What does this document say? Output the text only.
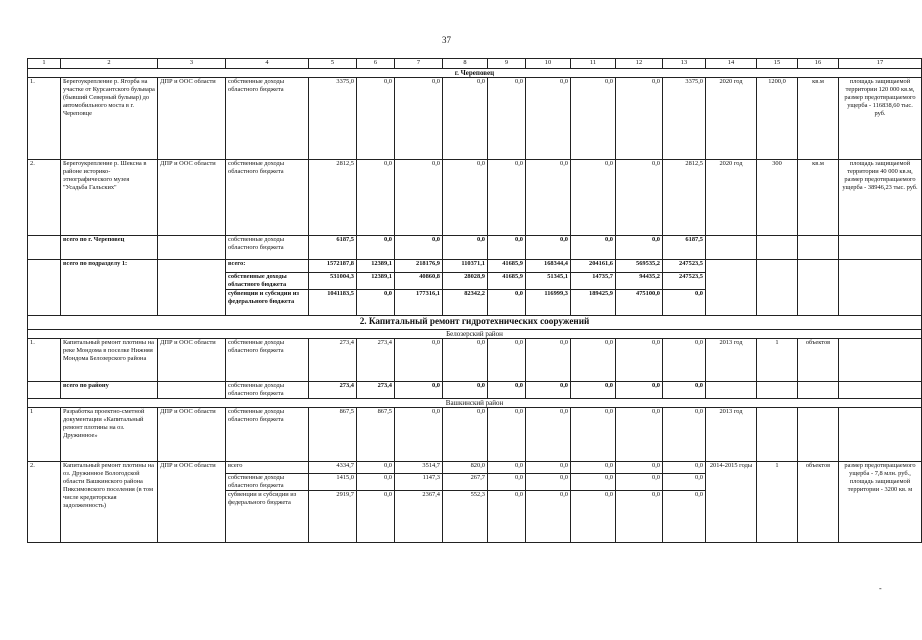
37
1	2	3	4	5	6	7	8	9	10	11	12	13	14	15	16	17
г. Череповец																
1.	Берегоукрепление р. Ягорба на участке от Курсантского бульвара (бывший Северный бульвар) до автомобильного моста в г. Череповце	ДПР и ООС области	собственные доходы областного бюджета	3375,0	0,0	0,0	0,0	0,0	0,0	0,0	0,0	3375,0	2020 год	1200,0	кв.м	площадь защищаемой территории 120 000 кв.м, размер предотвращаемого ущерба - 116838,60 тыс. руб.
2.	Берегоукрепление р. Шексна в районе историко-этнографического музея "Усадьба Гальских"	ДПР и ООС области	собственные доходы областного бюджета	2812,5	0,0	0,0	0,0	0,0	0,0	0,0	0,0	2812,5	2020 год	300	кв.м	площадь защищаемой территории 40 000 кв.м, размер предотвращаемого ущерба - 38946,23 тыс. руб.
	всего по г. Череповец		собственные доходы областного бюджета	6187,5	0,0	0,0	0,0	0,0	0,0	0,0	0,0	6187,5				
	всего по подразделу 1:		всего:	1572187,8	12389,1	218176,9	110371,1	41685,9	168344,4	204161,6	569535,2	247523,5				
			собственные доходы областного бюджета	531004,3	12389,1	40860,8	28028,9	41685,9	51345,1	14735,7	94435,2	247523,5				
			субвенции и субсидии из федерального бюджета	1041183,5	0,0	177316,1	82342,2	0,0	116999,3	189425,9	475100,0	0,0				
2. Капитальный ремонт гидротехнических сооружений																
Белозерский район																
1.	Капитальный ремонт плотины на реке Мондома в поселке Нижняя Мондома Белозерского района	ДПР и ООС области	собственные доходы областного бюджета	273,4	273,4	0,0	0,0	0,0	0,0	0,0	0,0	0,0	2013 год	1	объектов	
	всего по району		собственные доходы областного бюджета	273,4	273,4	0,0	0,0	0,0	0,0	0,0	0,0	0,0				
Вашкинский район																
1	Разработка проектно-сметной документации «Капитальный ремонт плотины на оз. Дружинное»	ДПР и ООС области	собственные доходы областного бюджета	867,5	867,5	0,0	0,0	0,0	0,0	0,0	0,0	0,0	2013 год			
2.	Капитальный ремонт плотины на оз. Дружинное Вологодской области Вашкинского района Пиксимовского поселения (в том числе кредиторская задолженность)	ДПР и ООС области	всего	4334,7	0,0	3514,7	820,0	0,0	0,0	0,0	0,0	0,0	2014-2015 годы	1	объектов	размер предотвращаемого ущерба - 7,8 млн. руб., площадь защищаемой территории - 3200 кв. м
			собственные доходы областного бюджета	1415,0	0,0	1147,3	267,7	0,0	0,0	0,0	0,0	0,0				
			субвенции и субсидии из федерального бюджета	2919,7	0,0	2367,4	552,3	0,0	0,0	0,0	0,0	0,0				
-
